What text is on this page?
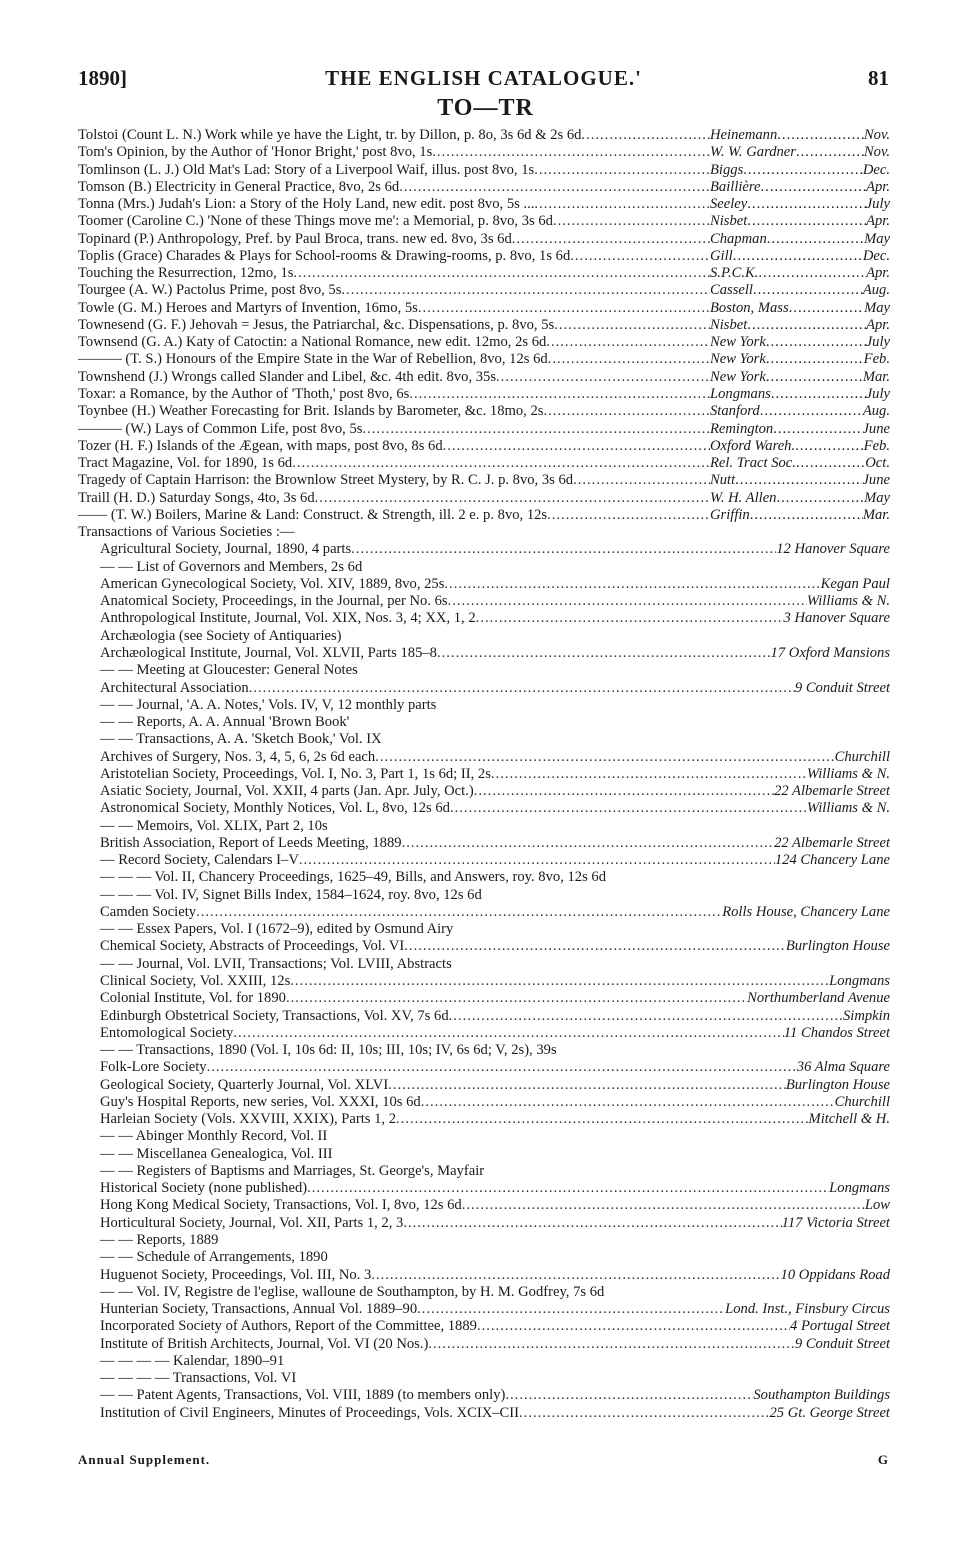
1890]	THE ENGLISH CATALOGUE.'	81
TO—TR
Tolstoi (Count L. N.) Work while ye have the Light, tr. by Dillon, p. 8o, 3s 6d & 2s 6d .....	Heinemann .....	Nov.
Tom's Opinion, by the Author of 'Honor Bright,' post 8vo, 1s .....	W. W. Gardner .....	Nov.
Tomlinson (L. J.) Old Mat's Lad: Story of a Liverpool Waif, illus. post 8vo, 1s .....	Biggs .....	Dec.
Tomson (B.) Electricity in General Practice, 8vo, 2s 6d .....	Baillière .....	Apr.
Tonna (Mrs.) Judah's Lion: a Story of the Holy Land, new edit. post 8vo, 5s ... .....	Seeley .....	July
Toomer (Caroline C.) 'None of these Things move me': a Memorial, p. 8vo, 3s 6d .....	Nisbet .....	Apr.
Topinard (P.) Anthropology, Pref. by Paul Broca, trans. new ed. 8vo, 3s 6d .....	Chapman .....	May
Toplis (Grace) Charades & Plays for School-rooms & Drawing-rooms, p. 8vo, 1s 6d .....	Gill .....	Dec.
Touching the Resurrection, 12mo, 1s .....	S.P.C.K. .....	Apr.
Tourgee (A. W.) Pactolus Prime, post 8vo, 5s .....	Cassell .....	Aug.
Towle (G. M.) Heroes and Martyrs of Invention, 16mo, 5s .....	Boston, Mass .....	May
Townesend (G. F.) Jehovah = Jesus, the Patriarchal, &c. Dispensations, p. 8vo, 5s .....	Nisbet .....	Apr.
Townsend (G. A.) Katy of Catoctin: a National Romance, new edit. 12mo, 2s 6d .....	New York .....	July
——— (T. S.) Honours of the Empire State in the War of Rebellion, 8vo, 12s 6d .....	New York .....	Feb.
Townshend (J.) Wrongs called Slander and Libel, &c. 4th edit. 8vo, 35s .....	New York .....	Mar.
Toxar: a Romance, by the Author of 'Thoth,' post 8vo, 6s .....	Longmans .....	July
Toynbee (H.) Weather Forecasting for Brit. Islands by Barometer, &c. 18mo, 2s .....	Stanford .....	Aug.
——— (W.) Lays of Common Life, post 8vo, 5s .....	Remington .....	June
Tozer (H. F.) Islands of the Ægean, with maps, post 8vo, 8s 6d .....	Oxford Wareh. .....	Feb.
Tract Magazine, Vol. for 1890, 1s 6d .....	Rel. Tract Soc. .....	Oct.
Tragedy of Captain Harrison: the Brownlow Street Mystery, by R. C. J. p. 8vo, 3s 6d .....	Nutt .....	June
Traill (H. D.) Saturday Songs, 4to, 3s 6d .....	W. H. Allen .....	May
—— (T. W.) Boilers, Marine & Land: Construct. & Strength, ill. 2 e. p. 8vo, 12s .....	Griffin .....	Mar.
Transactions of Various Societies :—
Agricultural Society, Journal, 1890, 4 parts .....	12 Hanover Square
— — List of Governors and Members, 2s 6d
American Gynecological Society, Vol. XIV, 1889, 8vo, 25s .....	Kegan Paul
Anatomical Society, Proceedings, in the Journal, per No. 6s .....	Williams & N.
Anthropological Institute, Journal, Vol. XIX, Nos. 3, 4; XX, 1, 2 .....	3 Hanover Square
Archæologia (see Society of Antiquaries)
Archæological Institute, Journal, Vol. XLVII, Parts 185–8 .....	17 Oxford Mansions
— — Meeting at Gloucester: General Notes
Architectural Association .....	9 Conduit Street
— — Journal, 'A. A. Notes,' Vols. IV, V, 12 monthly parts
— — Reports, A. A. Annual 'Brown Book'
— — Transactions, A. A. 'Sketch Book,' Vol. IX
Archives of Surgery, Nos. 3, 4, 5, 6, 2s 6d each .....	Churchill
Aristotelian Society, Proceedings, Vol. I, No. 3, Part 1, 1s 6d; II, 2s .....	Williams & N.
Asiatic Society, Journal, Vol. XXII, 4 parts (Jan. Apr. July, Oct.) .....	22 Albemarle Street
Astronomical Society, Monthly Notices, Vol. L, 8vo, 12s 6d .....	Williams & N.
— — Memoirs, Vol. XLIX, Part 2, 10s
British Association, Report of Leeds Meeting, 1889 .....	22 Albemarle Street
— Record Society, Calendars I–V .....	124 Chancery Lane
— — — Vol. II, Chancery Proceedings, 1625–49, Bills, and Answers, roy. 8vo, 12s 6d
— — — Vol. IV, Signet Bills Index, 1584–1624, roy. 8vo, 12s 6d
Camden Society .....	Rolls House, Chancery Lane
— — Essex Papers, Vol. I (1672–9), edited by Osmund Airy
Chemical Society, Abstracts of Proceedings, Vol. VI .....	Burlington House
— — Journal, Vol. LVII, Transactions; Vol. LVIII, Abstracts
Clinical Society, Vol. XXIII, 12s .....	Longmans
Colonial Institute, Vol. for 1890 .....	Northumberland Avenue
Edinburgh Obstetrical Society, Transactions, Vol. XV, 7s 6d .....	Simpkin
Entomological Society .....	11 Chandos Street
— — Transactions, 1890 (Vol. I, 10s 6d: II, 10s; III, 10s; IV, 6s 6d; V, 2s), 39s
Folk-Lore Society .....	36 Alma Square
Geological Society, Quarterly Journal, Vol. XLVI .....	Burlington House
Guy's Hospital Reports, new series, Vol. XXXI, 10s 6d .....	Churchill
Harleian Society (Vols. XXVIII, XXIX), Parts 1, 2 .....	Mitchell & H.
— — Abinger Monthly Record, Vol. II
— — Miscellanea Genealogica, Vol. III
— — Registers of Baptisms and Marriages, St. George's, Mayfair
Historical Society (none published) .....	Longmans
Hong Kong Medical Society, Transactions, Vol. I, 8vo, 12s 6d .....	Low
Horticultural Society, Journal, Vol. XII, Parts 1, 2, 3 .....	117 Victoria Street
— — Reports, 1889
— — Schedule of Arrangements, 1890
Huguenot Society, Proceedings, Vol. III, No. 3 .....	10 Oppidans Road
— — Vol. IV, Registre de l'eglise, walloune de Southampton, by H. M. Godfrey, 7s 6d
Hunterian Society, Transactions, Annual Vol. 1889–90 .....	Lond. Inst., Finsbury Circus
Incorporated Society of Authors, Report of the Committee, 1889 .....	4 Portugal Street
Institute of British Architects, Journal, Vol. VI (20 Nos.) .....	9 Conduit Street
— — — — Kalendar, 1890–91
— — — — Transactions, Vol. VI
— — Patent Agents, Transactions, Vol. VIII, 1889 (to members only) .....	Southampton Buildings
Institution of Civil Engineers, Minutes of Proceedings, Vols. XCIX–CII .....	25 Gt. George Street
Annual Supplement.	G
